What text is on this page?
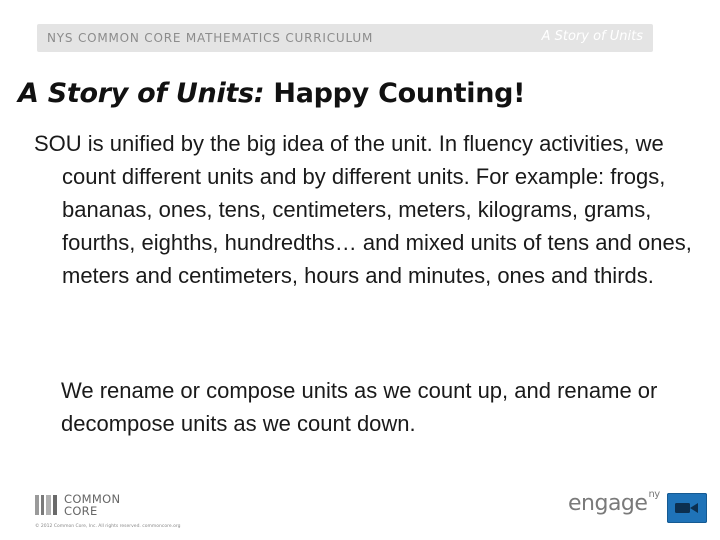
NYS COMMON CORE MATHEMATICS CURRICULUM	A Story of Units
A Story of Units: Happy Counting!
SOU is unified by the big idea of the unit. In fluency activities, we count different units and by different units. For example: frogs, bananas, ones, tens, centimeters, meters, kilograms, grams, fourths, eighths, hundredths… and mixed units of tens and ones, meters and centimeters, hours and minutes, ones and thirds.
We rename or compose units as we count up, and rename or decompose units as we count down.
COMMON
CORE
© 2012 Common Core, Inc. All rights reserved. commoncore.org
engage$^{ny}$
